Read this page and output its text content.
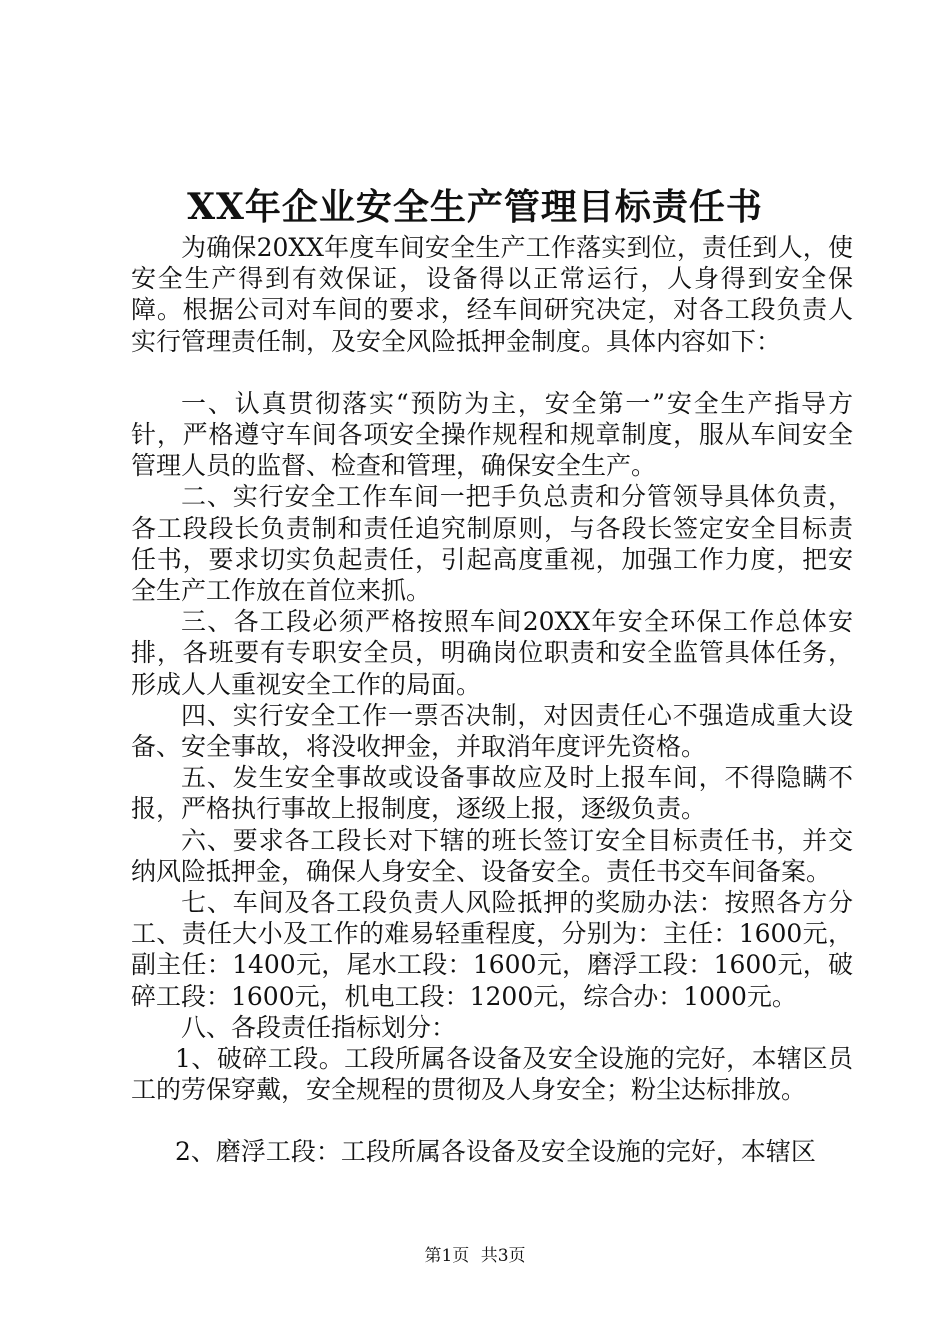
XX年企业安全生产管理目标责任书

为确保20XX年度车间安全生产工作落实到位，责任到人，使安全生产得到有效保证，设备得以正常运行，人身得到安全保障。根据公司对车间的要求，经车间研究决定，对各工段负责人实行管理责任制，及安全风险抵押金制度。具体内容如下：

一、认真贯彻落实“预防为主，安全第一”安全生产指导方针，严格遵守车间各项安全操作规程和规章制度，服从车间安全管理人员的监督、检查和管理，确保安全生产。

二、实行安全工作车间一把手负总责和分管领导具体负责，各工段段长负责制和责任追究制原则，与各段长签定安全目标责任书，要求切实负起责任，引起高度重视，加强工作力度，把安全生产工作放在首位来抓。

三、各工段必须严格按照车间20XX年安全环保工作总体安排，各班要有专职安全员，明确岗位职责和安全监管具体任务，形成人人重视安全工作的局面。

四、实行安全工作一票否决制，对因责任心不强造成重大设备、安全事故，将没收押金，并取消年度评先资格。

五、发生安全事故或设备事故应及时上报车间，不得隐瞒不报，严格执行事故上报制度，逐级上报，逐级负责。

六、要求各工段长对下辖的班长签订安全目标责任书，并交纳风险抵押金，确保人身安全、设备安全。责任书交车间备案。

七、车间及各工段负责人风险抵押的奖励办法：按照各方分工、责任大小及工作的难易轻重程度，分别为：主任：1600元，副主任：1400元，尾水工段：1600元，磨浮工段：1600元，破碎工段：1600元，机电工段：1200元，综合办：1000元。

八、各段责任指标划分：

1、破碎工段。工段所属各设备及安全设施的完好，本辖区员工的劳保穿戴，安全规程的贯彻及人身安全；粉尘达标排放。

2、磨浮工段：工段所属各设备及安全设施的完好，本辖区

第1页 共3页
